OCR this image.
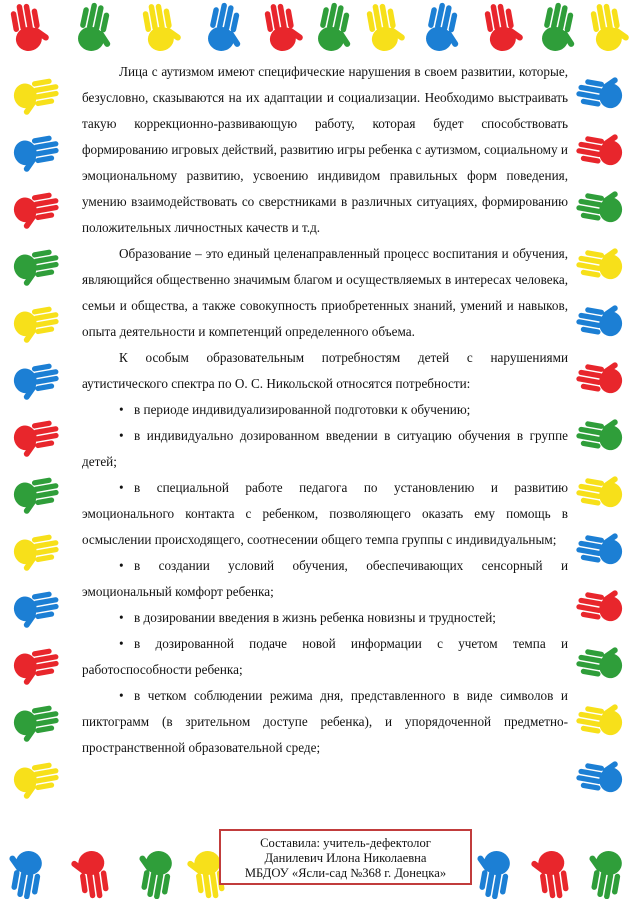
Лица с аутизмом имеют специфические нарушения в своем развитии, которые, безусловно, сказываются на их адаптации и социализации. Необходимо выстраивать такую коррекционно-развивающую работу, которая будет способствовать формированию игровых действий, развитию игры ребенка с аутизмом, социальному и эмоциональному развитию, усвоению индивидом правильных форм поведения, умению взаимодействовать со сверстниками в различных ситуациях, формированию положительных личностных качеств и т.д.

Образование – это единый целенаправленный процесс воспитания и обучения, являющийся общественно значимым благом и осуществляемых в интересах человека, семьи и общества, а также совокупность приобретенных знаний, умений и навыков, опыта деятельности и компетенций определенного объема.

К особым образовательным потребностям детей с нарушениями аутистического спектра по О. С. Никольской относятся потребности:

• в периоде индивидуализированной подготовки к обучению;

• в индивидуально дозированном введении в ситуацию обучения в группе детей;

• в специальной работе педагога по установлению и развитию эмоционального контакта с ребенком, позволяющего оказать ему помощь в осмыслении происходящего, соотнесении общего темпа группы с индивидуальным;

• в создании условий обучения, обеспечивающих сенсорный и эмоциональный комфорт ребенка;

• в дозировании введения в жизнь ребенка новизны и трудностей;

• в дозированной подаче новой информации с учетом темпа и работоспособности ребенка;

• в четком соблюдении режима дня, представленного в виде символов и пиктограмм (в зрительном доступе ребенка), и упорядоченной предметно-пространственной образовательной среде;

Составила: учитель-дефектолог
Данилевич Илона Николаевна
МБДОУ «Ясли-сад №368 г. Донецка»
